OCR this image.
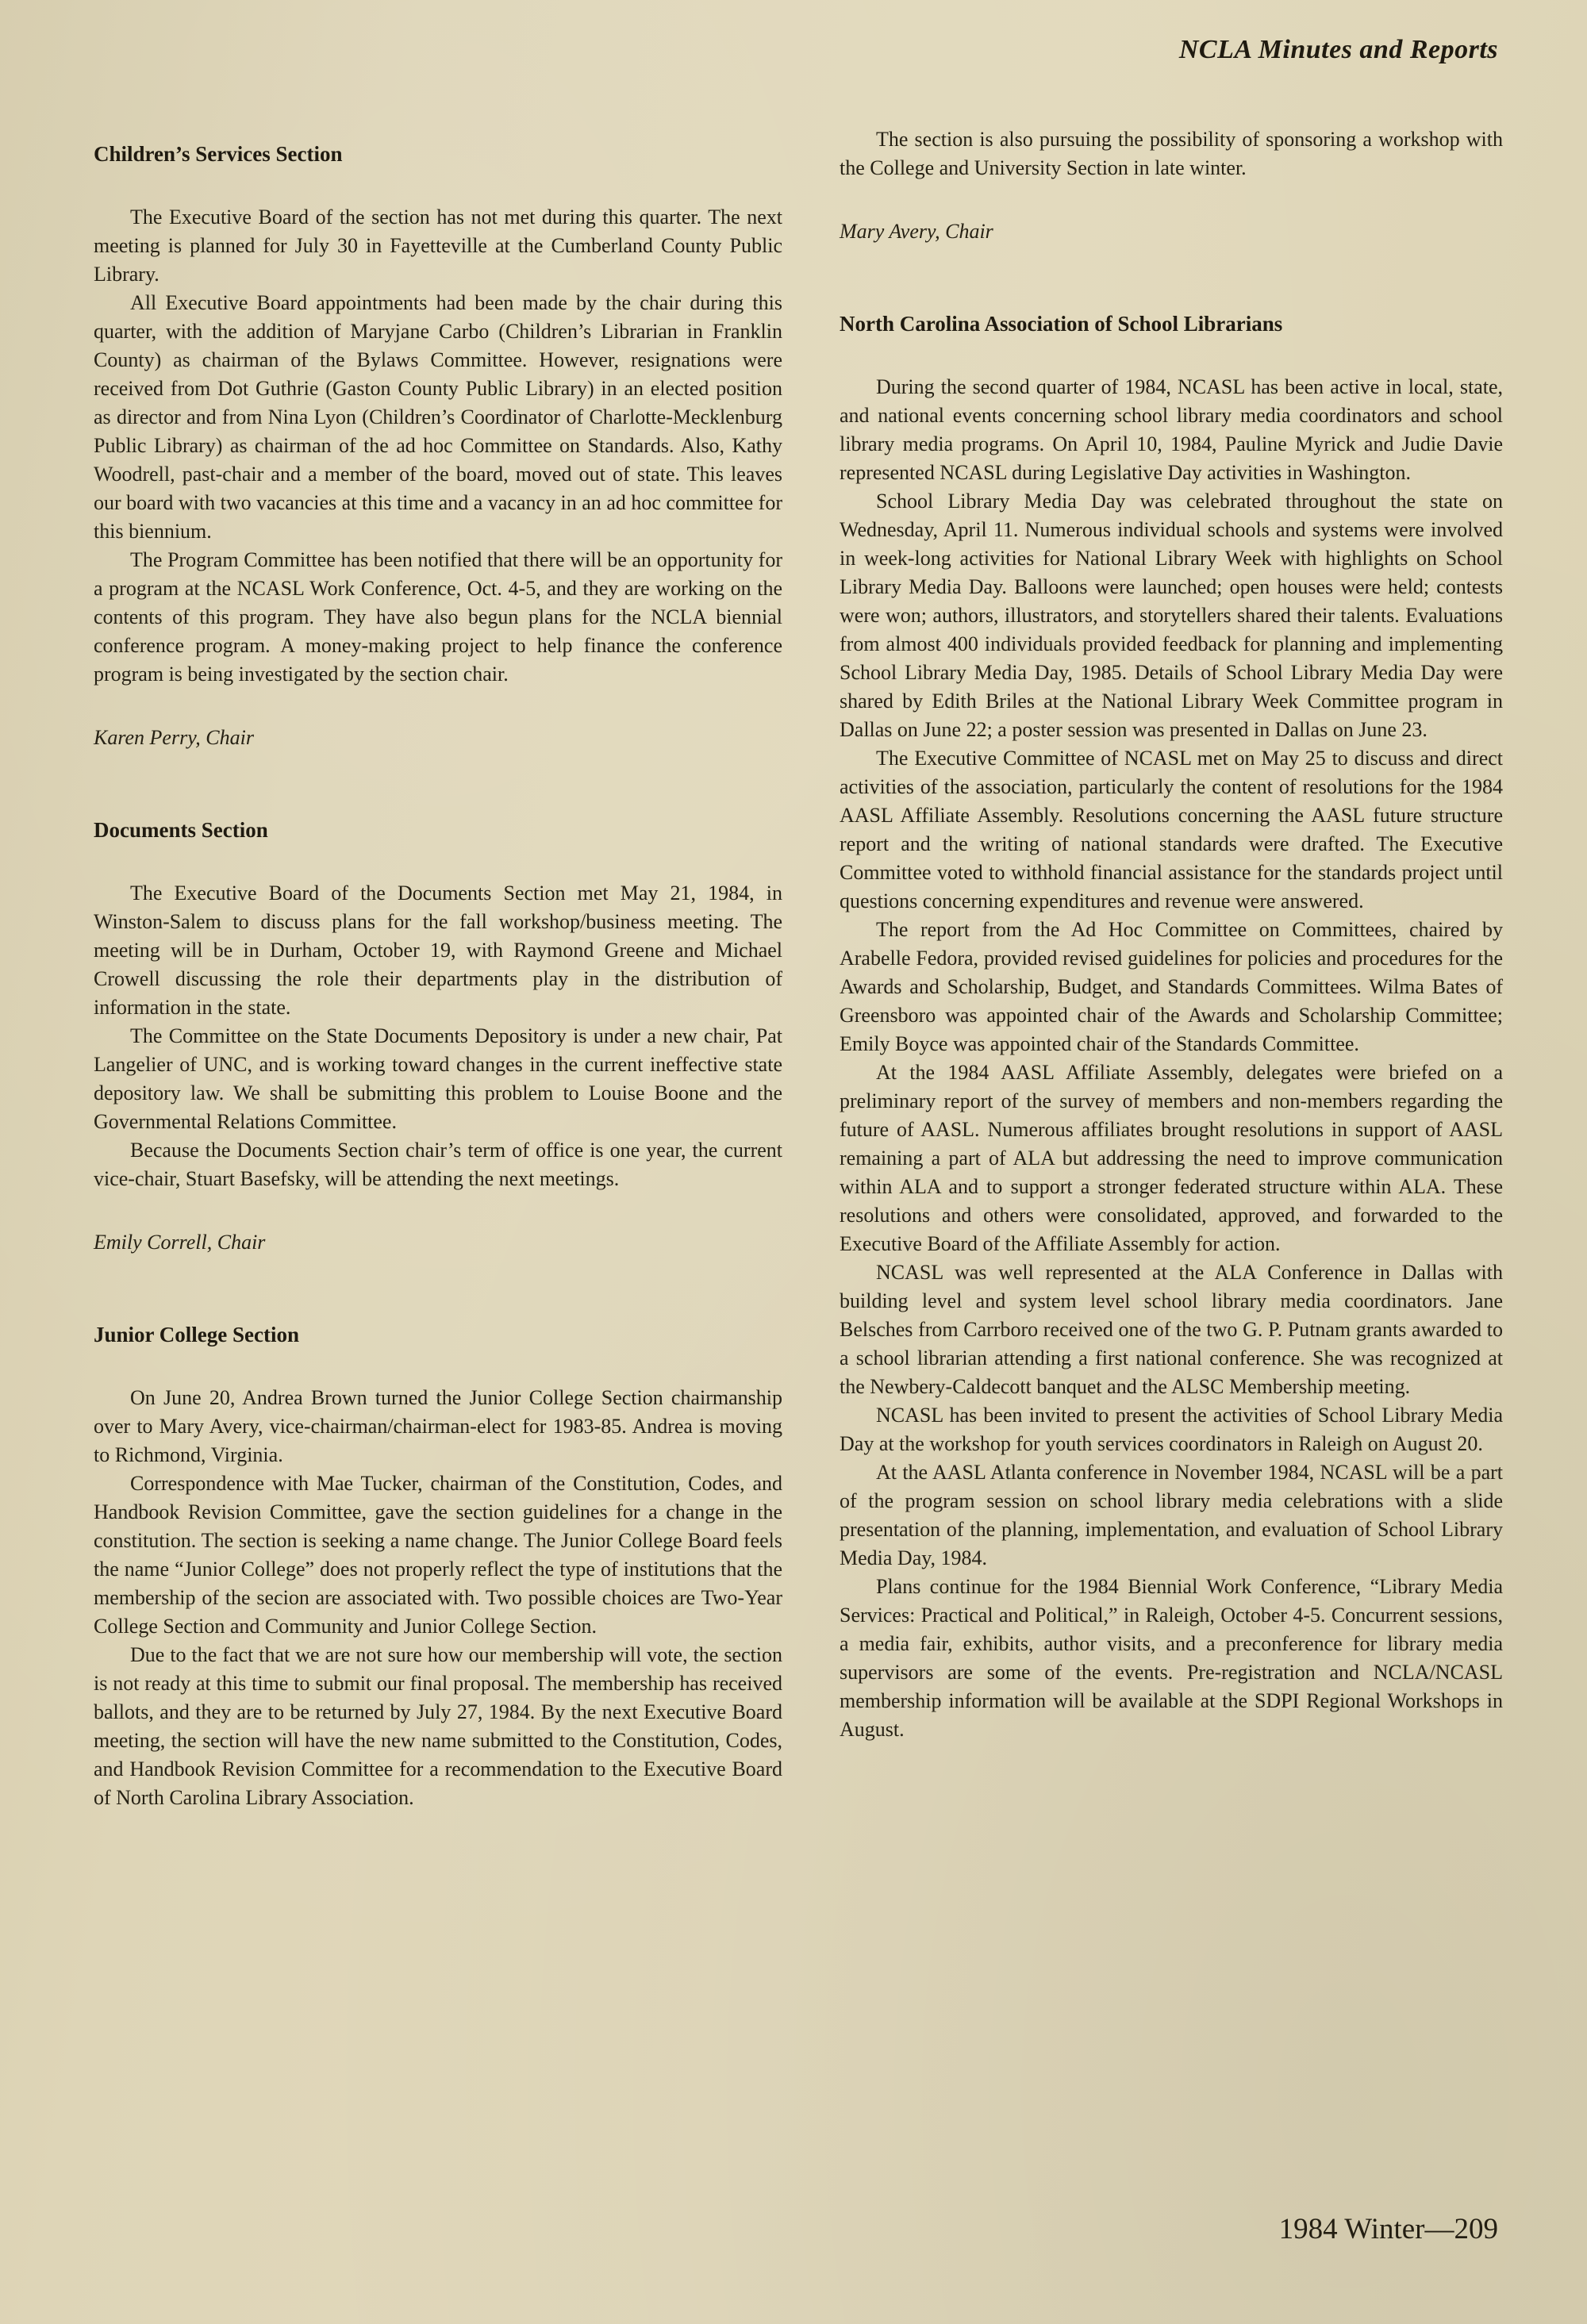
NCLA Minutes and Reports
Children’s Services Section

The Executive Board of the section has not met during this quarter. The next meeting is planned for July 30 in Fayetteville at the Cumberland County Public Library.

All Executive Board appointments had been made by the chair during this quarter, with the addition of Maryjane Carbo (Children’s Librarian in Franklin County) as chairman of the Bylaws Committee. However, resignations were received from Dot Guthrie (Gaston County Public Library) in an elected position as director and from Nina Lyon (Children’s Coordinator of Charlotte-Mecklenburg Public Library) as chairman of the ad hoc Committee on Standards. Also, Kathy Woodrell, past-chair and a member of the board, moved out of state. This leaves our board with two vacancies at this time and a vacancy in an ad hoc committee for this biennium.

The Program Committee has been notified that there will be an opportunity for a program at the NCASL Work Conference, Oct. 4-5, and they are working on the contents of this program. They have also begun plans for the NCLA biennial conference program. A money-making project to help finance the conference program is being investigated by the section chair.

Karen Perry, Chair

Documents Section

The Executive Board of the Documents Section met May 21, 1984, in Winston-Salem to discuss plans for the fall workshop/business meeting. The meeting will be in Durham, October 19, with Raymond Greene and Michael Crowell discussing the role their departments play in the distribution of information in the state.

The Committee on the State Documents Depository is under a new chair, Pat Langelier of UNC, and is working toward changes in the current ineffective state depository law. We shall be submitting this problem to Louise Boone and the Governmental Relations Committee.

Because the Documents Section chair’s term of office is one year, the current vice-chair, Stuart Basefsky, will be attending the next meetings.

Emily Correll, Chair

Junior College Section

On June 20, Andrea Brown turned the Junior College Section chairmanship over to Mary Avery, vice-chairman/chairman-elect for 1983-85. Andrea is moving to Richmond, Virginia.

Correspondence with Mae Tucker, chairman of the Constitution, Codes, and Handbook Revision Committee, gave the section guidelines for a change in the constitution. The section is seeking a name change. The Junior College Board feels the name “Junior College” does not properly reflect the type of institutions that the membership of the secion are associated with. Two possible choices are Two-Year College Section and Community and Junior College Section.

Due to the fact that we are not sure how our membership will vote, the section is not ready at this time to submit our final proposal. The membership has received ballots, and they are to be returned by July 27, 1984. By the next Executive Board meeting, the section will have the new name submitted to the Constitution, Codes, and Handbook Revision Committee for a recommendation to the Executive Board of North Carolina Library Association.

The section is also pursuing the possibility of sponsoring a workshop with the College and University Section in late winter.

Mary Avery, Chair

North Carolina Association of School Librarians

During the second quarter of 1984, NCASL has been active in local, state, and national events concerning school library media coordinators and school library media programs. On April 10, 1984, Pauline Myrick and Judie Davie represented NCASL during Legislative Day activities in Washington.

School Library Media Day was celebrated throughout the state on Wednesday, April 11. Numerous individual schools and systems were involved in week-long activities for National Library Week with highlights on School Library Media Day. Balloons were launched; open houses were held; contests were won; authors, illustrators, and storytellers shared their talents. Evaluations from almost 400 individuals provided feedback for planning and implementing School Library Media Day, 1985. Details of School Library Media Day were shared by Edith Briles at the National Library Week Committee program in Dallas on June 22; a poster session was presented in Dallas on June 23.

The Executive Committee of NCASL met on May 25 to discuss and direct activities of the association, particularly the content of resolutions for the 1984 AASL Affiliate Assembly. Resolutions concerning the AASL future structure report and the writing of national standards were drafted. The Executive Committee voted to withhold financial assistance for the standards project until questions concerning expenditures and revenue were answered.

The report from the Ad Hoc Committee on Committees, chaired by Arabelle Fedora, provided revised guidelines for policies and procedures for the Awards and Scholarship, Budget, and Standards Committees. Wilma Bates of Greensboro was appointed chair of the Awards and Scholarship Committee; Emily Boyce was appointed chair of the Standards Committee.

At the 1984 AASL Affiliate Assembly, delegates were briefed on a preliminary report of the survey of members and non-members regarding the future of AASL. Numerous affiliates brought resolutions in support of AASL remaining a part of ALA but addressing the need to improve communication within ALA and to support a stronger federated structure within ALA. These resolutions and others were consolidated, approved, and forwarded to the Executive Board of the Affiliate Assembly for action.

NCASL was well represented at the ALA Conference in Dallas with building level and system level school library media coordinators. Jane Belsches from Carrboro received one of the two G. P. Putnam grants awarded to a school librarian attending a first national conference. She was recognized at the Newbery-Caldecott banquet and the ALSC Membership meeting.

NCASL has been invited to present the activities of School Library Media Day at the workshop for youth services coordinators in Raleigh on August 20.

At the AASL Atlanta conference in November 1984, NCASL will be a part of the program session on school library media celebrations with a slide presentation of the planning, implementation, and evaluation of School Library Media Day, 1984.

Plans continue for the 1984 Biennial Work Conference, “Library Media Services: Practical and Political,” in Raleigh, October 4-5. Concurrent sessions, a media fair, exhibits, author visits, and a preconference for library media supervisors are some of the events. Pre-registration and NCLA/NCASL membership information will be available at the SDPI Regional Workshops in August.

1984 Winter—209
